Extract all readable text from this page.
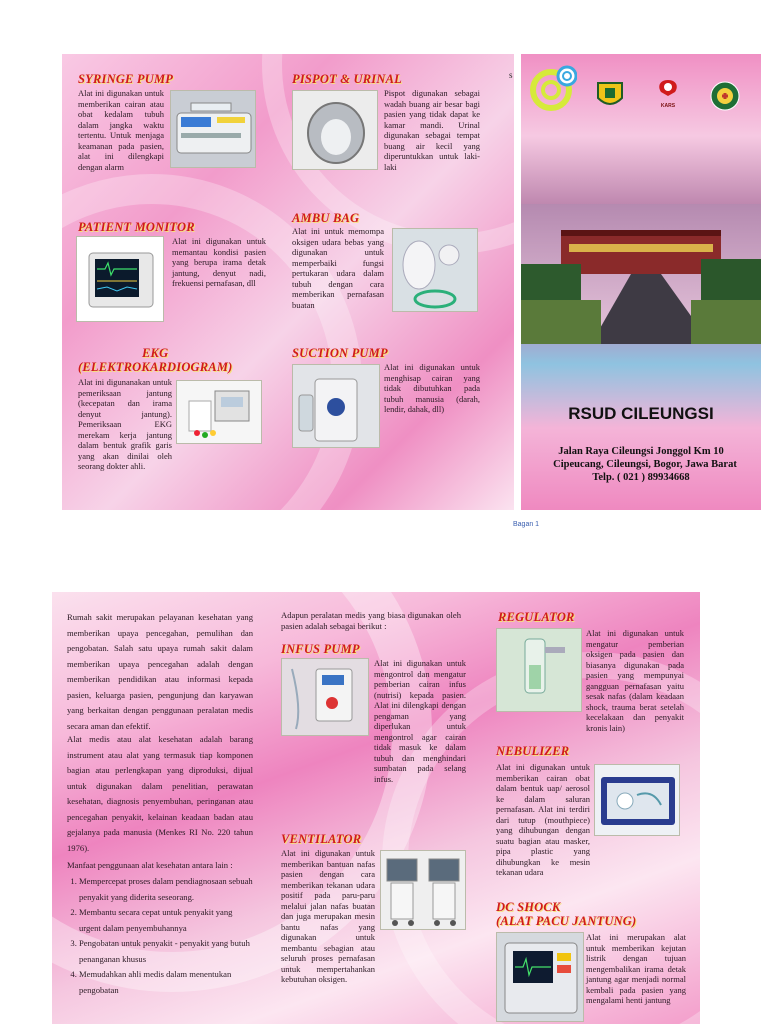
SYRINGE PUMP
Alat ini digunakan untuk memberikan cairan atau obat kedalam tubuh dalam jangka waktu tertentu. Untuk menjaga keamanan pada pasien, alat ini dilengkapi dengan alarm
PISPOT & URINAL
Pispot digunakan sebagai wadah buang air besar bagi pasien yang tidak dapat ke kamar mandi. Urinal digunakan sebagai tempat buang air kecil yang diperuntukkan untuk laki-laki
PATIENT MONITOR
Alat ini digunakan untuk memantau kondisi pasien yang berupa irama detak jantung, denyut nadi, frekuensi pernafasan, dll
AMBU BAG
Alat ini untuk memompa oksigen udara bebas yang digunakan untuk memperbaiki fungsi pertukaran udara dalam tubuh dengan cara memberikan pernafasan buatan
EKG
(ELEKTROKARDIOGRAM)
Alat ini digunanakan untuk pemeriksaan jantung (kecepatan dan irama denyut jantung). Pemeriksaan EKG merekam kerja jantung dalam bentuk grafik garis yang akan dinilai oleh seorang dokter ahli.
SUCTION PUMP
Alat ini digunakan untuk menghisap cairan yang tidak dibutuhkan pada tubuh manusia (darah, lendir, dahak, dll)
s
KARS
RSUD CILEUNGSI
Jalan Raya Cileungsi Jonggol Km 10
Cipeucang, Cileungsi, Bogor, Jawa Barat
Telp. ( 021 ) 89934668
Bagan 1
Rumah sakit merupakan pelayanan kesehatan yang memberikan upaya pencegahan, pemulihan dan pengobatan. Salah satu upaya rumah sakit dalam memberikan upaya pencegahan adalah dengan memberikan pendidikan atau informasi kepada pasien, keluarga pasien, pengunjung dan karyawan yang berkaitan dengan penggunaan peralatan medis secara aman dan efektif.
Alat medis atau alat kesehatan adalah barang instrument atau alat yang termasuk tiap komponen bagian atau perlengkapan yang diproduksi, dijual untuk digunakan dalam penelitian, perawatan kesehatan, diagnosis penyembuhan, peringanan atau pencegahan penyakit, kelainan keadaan badan atau gejalanya pada manusia (Menkes RI No. 220 tahun 1976).
Manfaat penggunaan alat kesehatan antara lain :
1. Mempercepat proses dalam pendiagnosaan sebuah penyakit yang diderita seseorang.
2. Membantu secara cepat untuk penyakit yang urgent dalam penyembuhannya
3. Pengobatan untuk penyakit - penyakit yang butuh penanganan khusus
4. Memudahkan ahli medis dalam menentukan pengobatan
Adapun peralatan medis yang biasa digunakan oleh pasien adalah sebagai berikut :
INFUS PUMP
Alat ini digunakan untuk mengontrol dan mengatur pemberian cairan infus (nutrisi) kepada pasien. Alat ini dilengkapi dengan pengaman yang diperlukan untuk mengontrol agar cairan tidak masuk ke dalam tubuh dan menghindari sumbatan pada selang infus.
VENTILATOR
Alat ini digunakan untuk memberikan bantuan nafas pasien dengan cara memberikan tekanan udara positif pada paru-paru melalui jalan nafas buatan dan juga merupakan mesin bantu nafas yang digunakan untuk membantu sebagian atau seluruh proses pernafasan untuk mempertahankan kebutuhan oksigen.
REGULATOR
Alat ini digunakan untuk mengatur pemberian oksigen pada pasien dan biasanya digunakan pada pasien yang mempunyai gangguan pernafasan yaitu sesak nafas (dalam keadaan shock, trauma berat setelah kecelakaan dan penyakit kronis lain)
NEBULIZER
Alat ini digunakan untuk memberikan cairan obat dalam bentuk uap/ aerosol ke dalam saluran pernafasan. Alat ini terdiri dari tutup (mouthpiece) yang dihubungan dengan suatu bagian atau masker, pipa plastic yang dihubungkan ke mesin tekanan udara
DC SHOCK
(ALAT PACU JANTUNG)
Alat ini merupakan alat untuk memberikan kejutan listrik dengan tujuan mengembalikan irama detak jantung agar menjadi normal kembali pada pasien yang mengalami henti jantung
